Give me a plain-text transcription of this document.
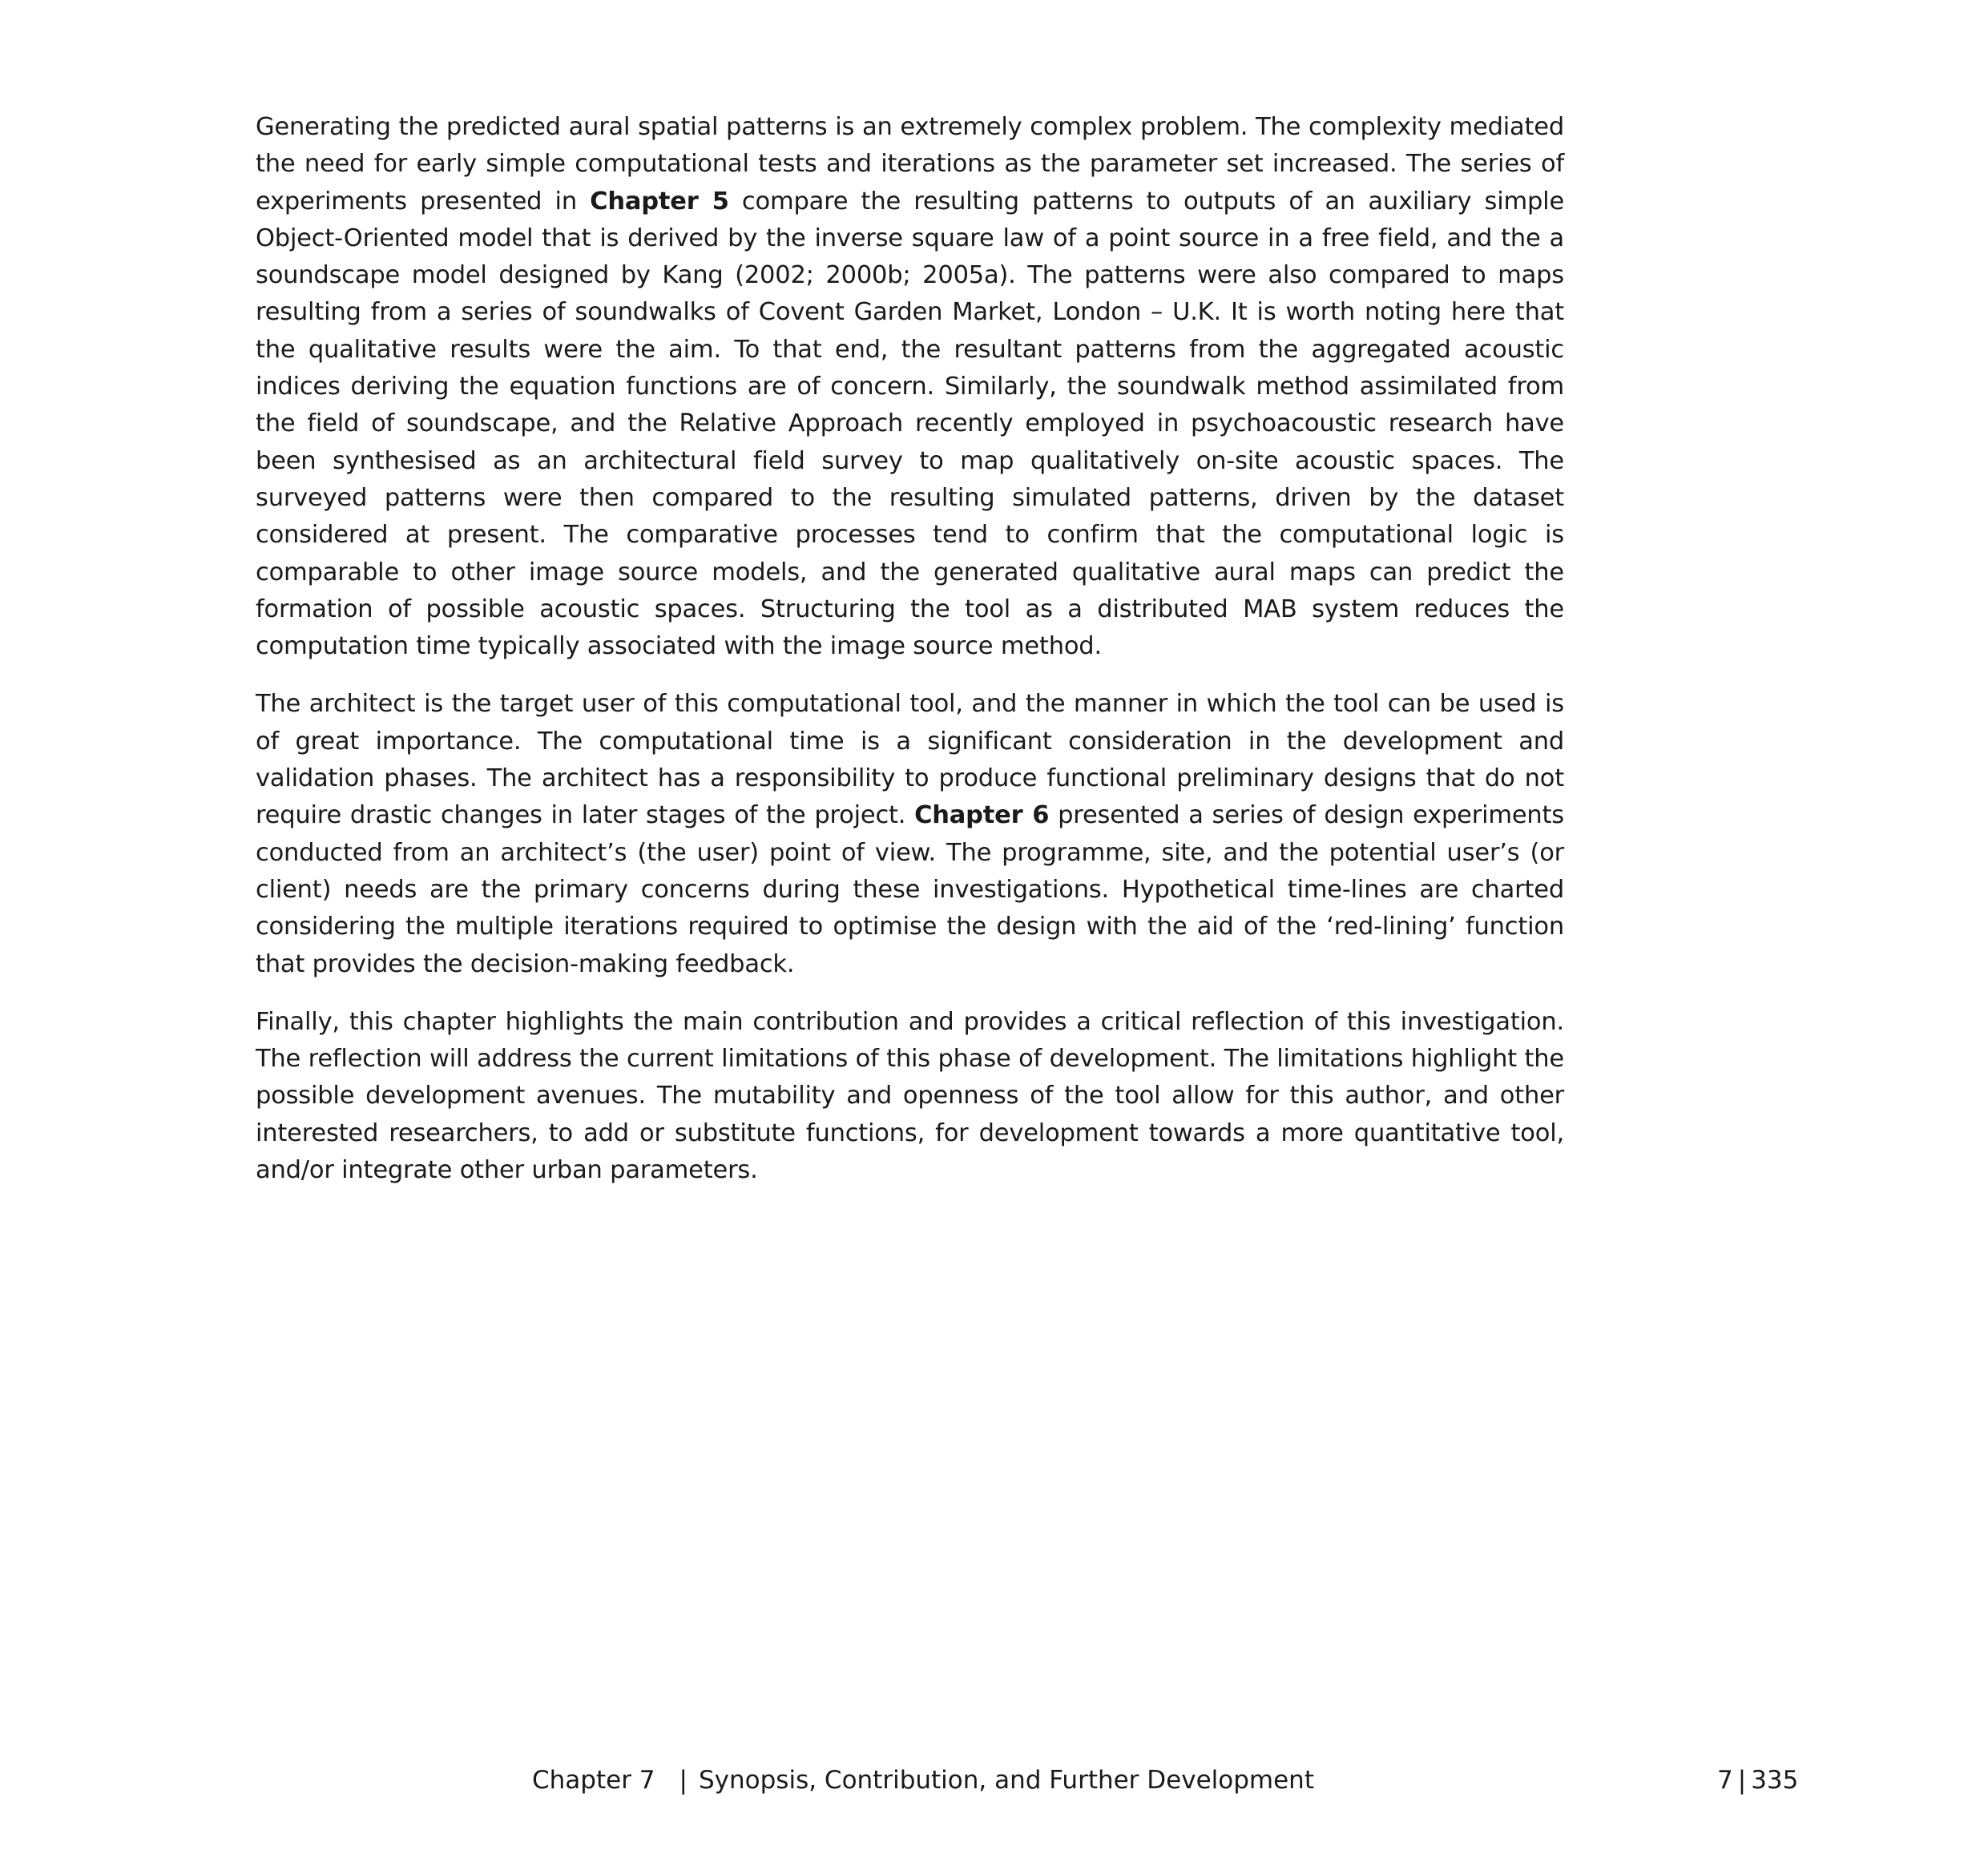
Generating the predicted aural spatial patterns is an extremely complex problem. The complexity mediated the need for early simple computational tests and iterations as the parameter set increased. The series of experiments presented in Chapter 5 compare the resulting patterns to outputs of an auxiliary simple Object-Oriented model that is derived by the inverse square law of a point source in a free field, and the a soundscape model designed by Kang (2002; 2000b; 2005a). The patterns were also compared to maps resulting from a series of soundwalks of Covent Garden Market, London – U.K. It is worth noting here that the qualitative results were the aim. To that end, the resultant patterns from the aggregated acoustic indices deriving the equation functions are of concern. Similarly, the soundwalk method assimilated from the field of soundscape, and the Relative Approach recently employed in psychoacoustic research have been synthesised as an architectural field survey to map qualitatively on-site acoustic spaces. The surveyed patterns were then compared to the resulting simulated patterns, driven by the dataset considered at present. The comparative processes tend to confirm that the computational logic is comparable to other image source models, and the generated qualitative aural maps can predict the formation of possible acoustic spaces. Structuring the tool as a distributed MAB system reduces the computation time typically associated with the image source method.

The architect is the target user of this computational tool, and the manner in which the tool can be used is of great importance. The computational time is a significant consideration in the development and validation phases. The architect has a responsibility to produce functional preliminary designs that do not require drastic changes in later stages of the project. Chapter 6 presented a series of design experiments conducted from an architect’s (the user) point of view. The programme, site, and the potential user’s (or client) needs are the primary concerns during these investigations. Hypothetical time-lines are charted considering the multiple iterations required to optimise the design with the aid of the ‘red-lining’ function that provides the decision-making feedback.

Finally, this chapter highlights the main contribution and provides a critical reflection of this investigation. The reflection will address the current limitations of this phase of development. The limitations highlight the possible development avenues. The mutability and openness of the tool allow for this author, and other interested researchers, to add or substitute functions, for development towards a more quantitative tool, and/or integrate other urban parameters.

Chapter 7 | Synopsis, Contribution, and Further Development	7 | 335
